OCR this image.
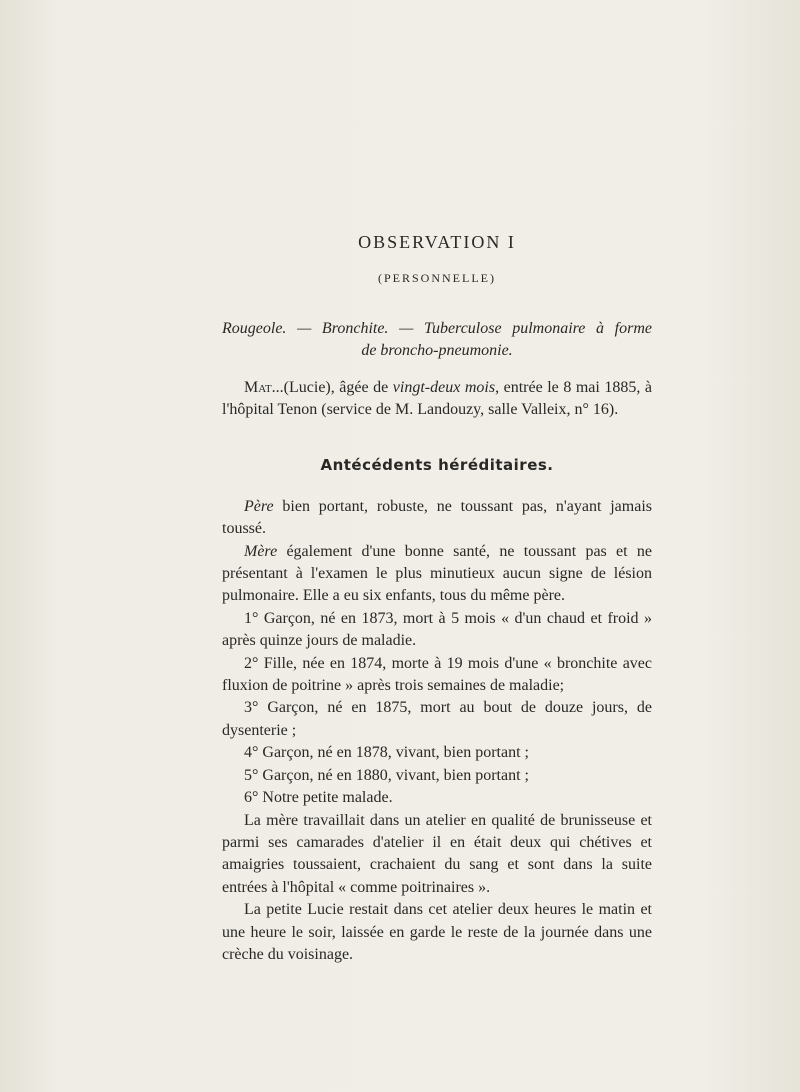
OBSERVATION I
(PERSONNELLE)
Rougeole. — Bronchite. — Tuberculose pulmonaire à forme
de broncho-pneumonie.

Mat...(Lucie), âgée de vingt-deux mois, entrée le 8 mai 1885, à l'hôpital Tenon (service de M. Landouzy, salle Valleix, n° 16).

Antécédents héréditaires.

Père bien portant, robuste, ne toussant pas, n'ayant jamais toussé.

Mère également d'une bonne santé, ne toussant pas et ne présentant à l'examen le plus minutieux aucun signe de lésion pulmonaire. Elle a eu six enfants, tous du même père.

1° Garçon, né en 1873, mort à 5 mois « d'un chaud et froid » après quinze jours de maladie.

2° Fille, née en 1874, morte à 19 mois d'une « bronchite avec fluxion de poitrine » après trois semaines de maladie;

3° Garçon, né en 1875, mort au bout de douze jours, de dysenterie ;

4° Garçon, né en 1878, vivant, bien portant ;

5° Garçon, né en 1880, vivant, bien portant ;

6° Notre petite malade.

La mère travaillait dans un atelier en qualité de brunisseuse et parmi ses camarades d'atelier il en était deux qui chétives et amaigries toussaient, crachaient du sang et sont dans la suite entrées à l'hôpital « comme poitrinaires ».

La petite Lucie restait dans cet atelier deux heures le matin et une heure le soir, laissée en garde le reste de la journée dans une crèche du voisinage.
